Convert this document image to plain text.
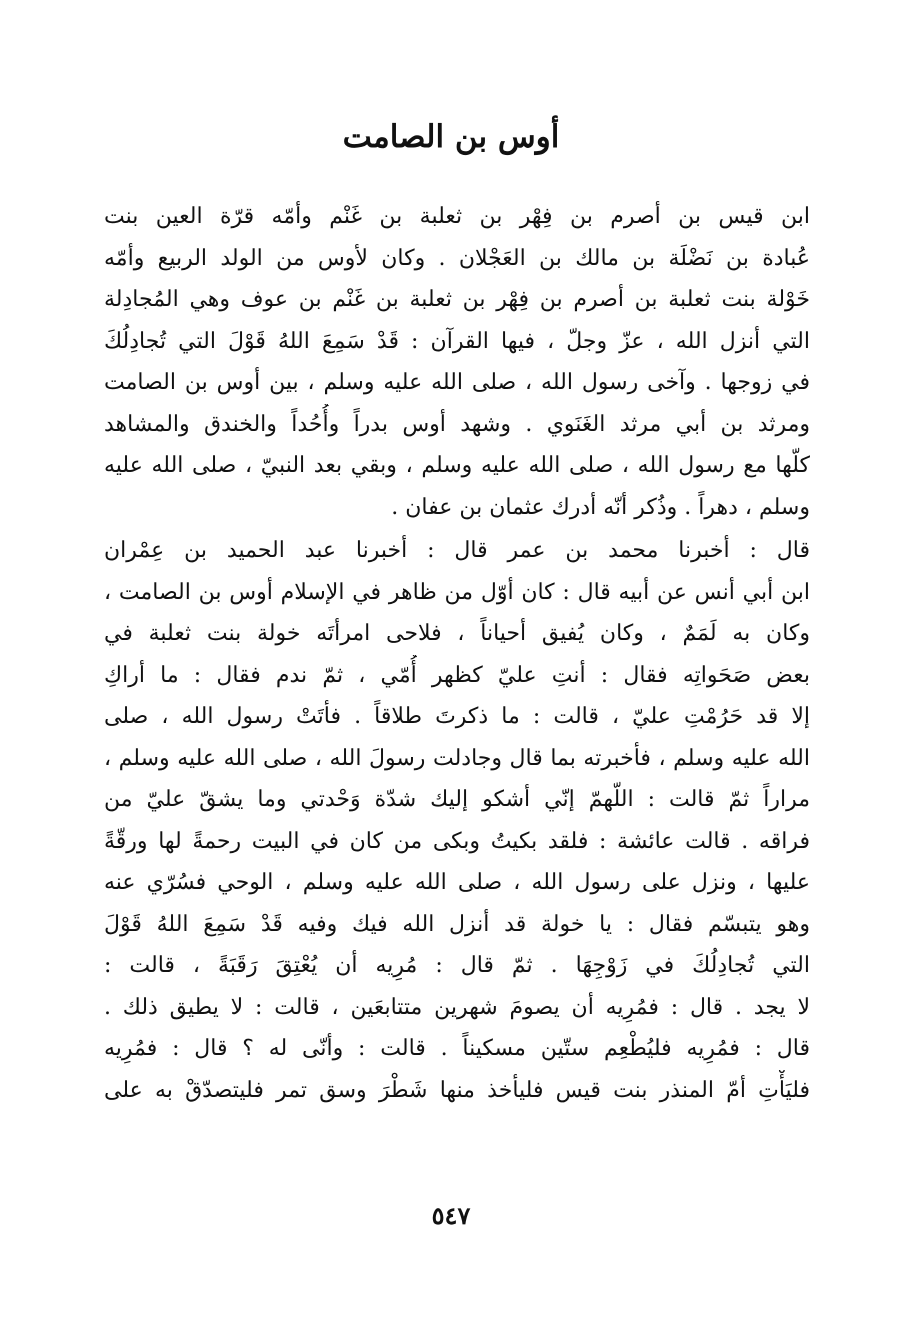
أوس بن الصامت
ابن قيس بن أصرم بن فِهْر بن ثعلبة بن غَنْم وأمّه قرّة العين بنت
عُبادة بن نَضْلَة بن مالك بن العَجْلان . وكان لأوس من الولد الربيع وأمّه
خَوْلة بنت ثعلبة بن أصرم بن فِهْر بن ثعلبة بن غَنْم بن عوف وهي المُجادِلة
التي أنزل الله ، عزّ وجلّ ، فيها القرآن : قَدْ سَمِعَ اللهُ قَوْلَ التي تُجادِلُكَ
في زوجها . وآخى رسول الله ، صلى الله عليه وسلم ، بين أوس بن الصامت
ومرثد بن أبي مرثد الغَنَوي . وشهد أوس بدراً وأُحُداً والخندق والمشاهد
كلّها مع رسول الله ، صلى الله عليه وسلم ، وبقي بعد النبيّ ، صلى الله عليه
وسلم ، دهراً . وذُكر أنّه أدرك عثمان بن عفان .
قال : أخبرنا محمد بن عمر قال : أخبرنا عبد الحميد بن عِمْران
ابن أبي أنس عن أبيه قال : كان أوّل من ظاهر في الإسلام أوس بن الصامت ،
وكان به لَمَمٌ ، وكان يُفيق أحياناً ، فلاحى امرأتَه خولة بنت ثعلبة في
بعض صَحَواتِه فقال : أنتِ عليّ كظهر أُمّي ، ثمّ ندم فقال : ما أراكِ
إلا قد حَرُمْتِ عليّ ، قالت : ما ذكرتَ طلاقاً . فأتَتْ رسول الله ، صلى
الله عليه وسلم ، فأخبرته بما قال وجادلت رسولَ الله ، صلى الله عليه وسلم ،
مراراً ثمّ قالت : اللّهمّ إنّي أشكو إليك شدّة وَحْدتي وما يشقّ عليّ من
فراقه . قالت عائشة : فلقد بكيتُ وبكى من كان في البيت رحمةً لها ورقّةً
عليها ، ونزل على رسول الله ، صلى الله عليه وسلم ، الوحي فسُرّي عنه
وهو يتبسّم فقال : يا خولة قد أنزل الله فيك وفيه قَدْ سَمِعَ اللهُ قَوْلَ
التي تُجادِلُكَ في زَوْجِهَا . ثمّ قال : مُرِيه أن يُعْتِقَ رَقَبَةً ، قالت :
لا يجد . قال : فمُرِيه أن يصومَ شهرين متتابعَين ، قالت : لا يطيق ذلك .
قال : فمُرِيه فليُطْعِم ستّين مسكيناً . قالت : وأنّى له ؟ قال : فمُرِيه
فليَأْتِ أمّ المنذر بنت قيس فليأخذ منها شَطْرَ وسق تمر فليتصدّقْ به على
٥٤٧
